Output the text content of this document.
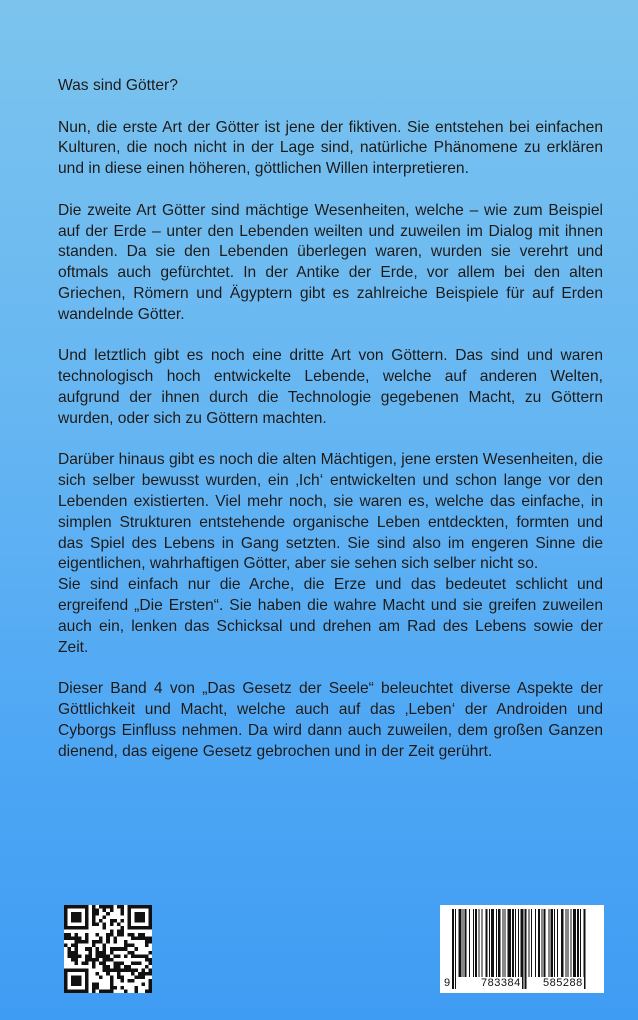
Was sind Götter?

Nun, die erste Art der Götter ist jene der fiktiven. Sie entstehen bei einfachen Kulturen, die noch nicht in der Lage sind, natürliche Phänomene zu erklären und in diese einen höheren, göttlichen Willen interpretieren.

Die zweite Art Götter sind mächtige Wesenheiten, welche – wie zum Beispiel auf der Erde – unter den Lebenden weilten und zuweilen im Dialog mit ihnen standen. Da sie den Lebenden überlegen waren, wurden sie verehrt und oftmals auch gefürchtet. In der Antike der Erde, vor allem bei den alten Griechen, Römern und Ägyptern gibt es zahlreiche Beispiele für auf Erden wandelnde Götter.

Und letztlich gibt es noch eine dritte Art von Göttern. Das sind und waren technologisch hoch entwickelte Lebende, welche auf anderen Welten, aufgrund der ihnen durch die Technologie gegebenen Macht, zu Göttern wurden, oder sich zu Göttern machten.

Darüber hinaus gibt es noch die alten Mächtigen, jene ersten Wesenheiten, die sich selber bewusst wurden, ein ‚Ich‘ entwickelten und schon lange vor den Lebenden existierten. Viel mehr noch, sie waren es, welche das einfache, in simplen Strukturen entstehende organische Leben entdeckten, formten und das Spiel des Lebens in Gang setzten. Sie sind also im engeren Sinne die eigentlichen, wahrhaftigen Götter, aber sie sehen sich selber nicht so.

Sie sind einfach nur die Arche, die Erze und das bedeutet schlicht und ergreifend „Die Ersten“. Sie haben die wahre Macht und sie greifen zuweilen auch ein, lenken das Schicksal und drehen am Rad des Lebens sowie der Zeit.

Dieser Band 4 von „Das Gesetz der Seele“ beleuchtet diverse Aspekte der Göttlichkeit und Macht, welche auch auf das ‚Leben‘ der Androiden und Cyborgs Einfluss nehmen. Da wird dann auch zuweilen, dem großen Ganzen dienend, das eigene Gesetz gebrochen und in der Zeit gerührt.

9	783384 585288
